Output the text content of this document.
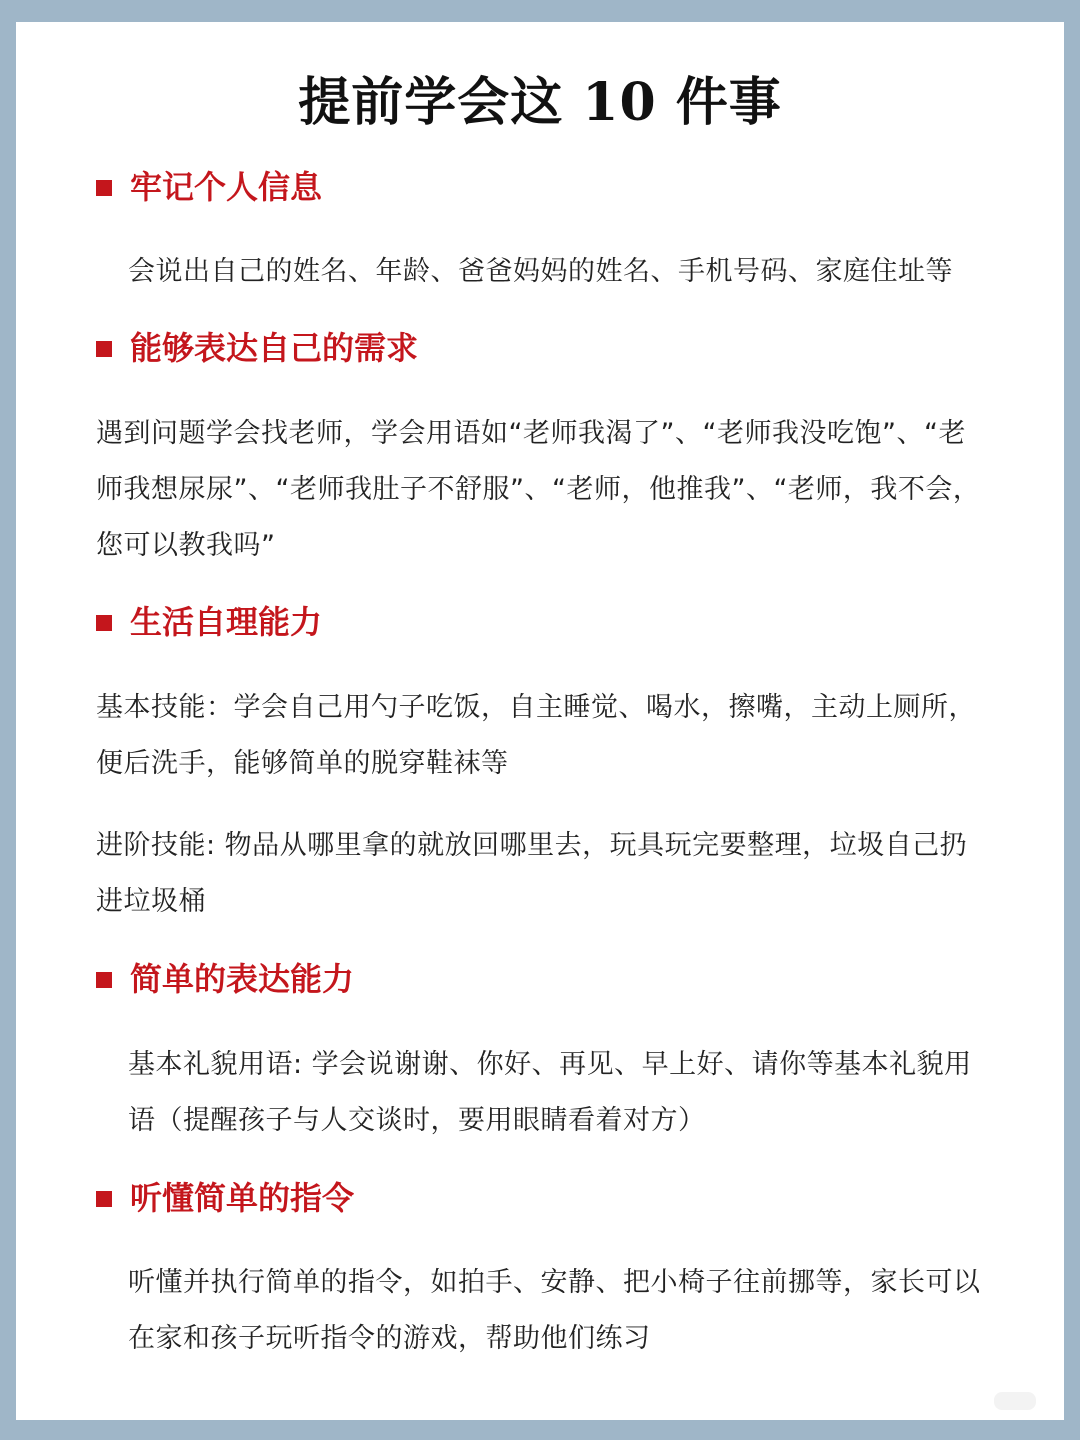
提前学会这 10 件事
牢记个人信息
会说出自己的姓名、年龄、爸爸妈妈的姓名、手机号码、家庭住址等
能够表达自己的需求
遇到问题学会找老师，学会用语如“老师我渴了”、“老师我没吃饱”、“老师我想尿尿”、“老师我肚子不舒服”、“老师，他推我”、“老师，我不会，您可以教我吗”
生活自理能力
基本技能：学会自己用勺子吃饭，自主睡觉、喝水，擦嘴，主动上厕所，便后洗手，能够简单的脱穿鞋袜等
进阶技能: 物品从哪里拿的就放回哪里去，玩具玩完要整理，垃圾自己扔进垃圾桶
简单的表达能力
基本礼貌用语: 学会说谢谢、你好、再见、早上好、请你等基本礼貌用语（提醒孩子与人交谈时，要用眼睛看着对方）
听懂简单的指令
听懂并执行简单的指令，如拍手、安静、把小椅子往前挪等，家长可以在家和孩子玩听指令的游戏，帮助他们练习
